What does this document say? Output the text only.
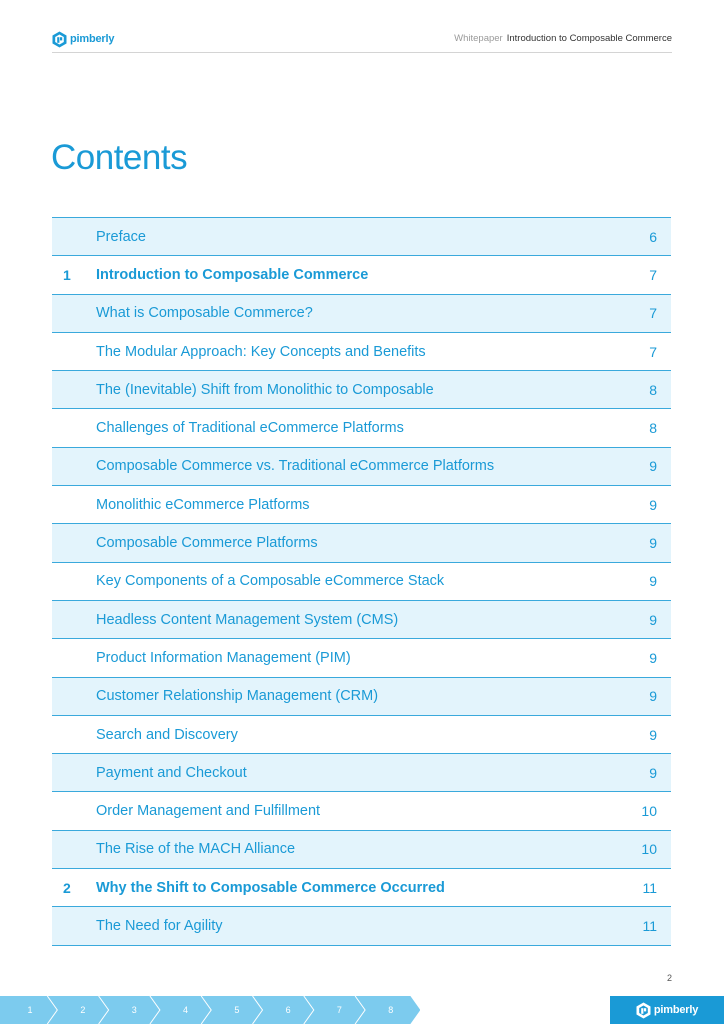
pimberly	Whitepaper Introduction to Composable Commerce
Contents
Preface	6
1 Introduction to Composable Commerce	7
What is Composable Commerce?	7
The Modular Approach: Key Concepts and Benefits	7
The (Inevitable) Shift from Monolithic to Composable	8
Challenges of Traditional eCommerce Platforms	8
Composable Commerce vs. Traditional eCommerce Platforms	9
Monolithic eCommerce Platforms	9
Composable Commerce Platforms	9
Key Components of a Composable eCommerce Stack	9
Headless Content Management System (CMS)	9
Product Information Management (PIM)	9
Customer Relationship Management (CRM)	9
Search and Discovery	9
Payment and Checkout	9
Order Management and Fulfillment	10
The Rise of the MACH Alliance	10
2 Why the Shift to Composable Commerce Occurred	11
The Need for Agility	11
2
1	2	3	4	5	6	7	8	pimberly
